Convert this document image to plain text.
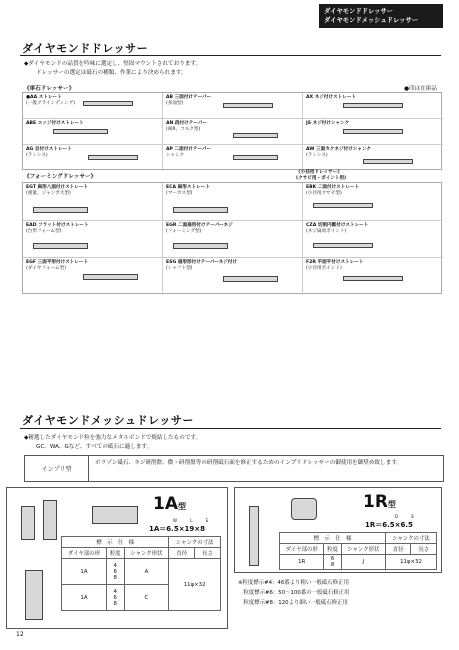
ダイヤモンドドレッサー
ダイヤモンドメッシュドレッサー
ダイヤモンドドレッサー
◆ダイヤモンドの品質を吟味に選定し、堅固マウントされております。
ドレッサーの選定は砥石の種類、作業により決められます。
《単石ドレッサー》	●印は在庫品
●AA ストレート
(一般グラインディング)
AB 三面付けテーパー
(多面型)
AX ネジ付けストレート
ABE エッジ付けストレート	AN 段付けテーパー
(両R、コルク型)
JS ネジ付けシャンク
AG 自付けストレート
(ランシス)
AP 二面付けテーパー
シャンク
AW 三面カクネジ付けシャンク
(ランシス)
《フォーミングドレッサー》
《小径用ドレッサー》
(クサビ用・ポイント用)
EGT 扁形八面付けストレート
(重量、ジャンボ大型)
ECA 扁形ストレート
(マーカス型)
EBK 二面付けストレート
(小径用クサビ型)
EAD フラット付けストレート
(台形フォーム型)
EGR 二面扇形付けテーパーネジ
(フォーミング型)
CZA 切削円錐付けストレート
(ネジ扁角ポイント)
EGF 三面平形付けストレート
(ダイヤフォーム型)
ESG 扇形形付けテーパーネジ付け
(シャフト型)
F2R 平面平付けストレート
(小径用ポイント)
ダイヤモンドメッシュドレッサー
◆精選したダイヤモンド粒を強力なメタルボンドで焼結したものです。
GC、WA、Gなど、すべての砥石に適します。
インプリ型
ボラゾン砥石、ネジ研削盤、微・研削盤等の研削砥石面を修正するためのインプリドレッサーの御使用を御奨め致します。
1A型
W L E
1A＝6.5×19×8
標　示　仕　様			シャンクの寸法	
ダイヤ部の形	粒度	シャンク形状	直径	長さ
1A	4
6
8	A	11φ×32	
1A	4
6
8	C		
1R型
D E
1R＝6.5×6.5
標　示　仕　様			シャンクの寸法	
ダイヤ部の形	粒度	シャンク形状	直径	長さ
1R	6
8	J	11φ×32	
※粒度標示#4：46番より粗い一般砥石修正用
　粒度標示#6：50〜100番の一般砥石修正用
　粒度標示#8：120より細い一般砥石修正用
12
